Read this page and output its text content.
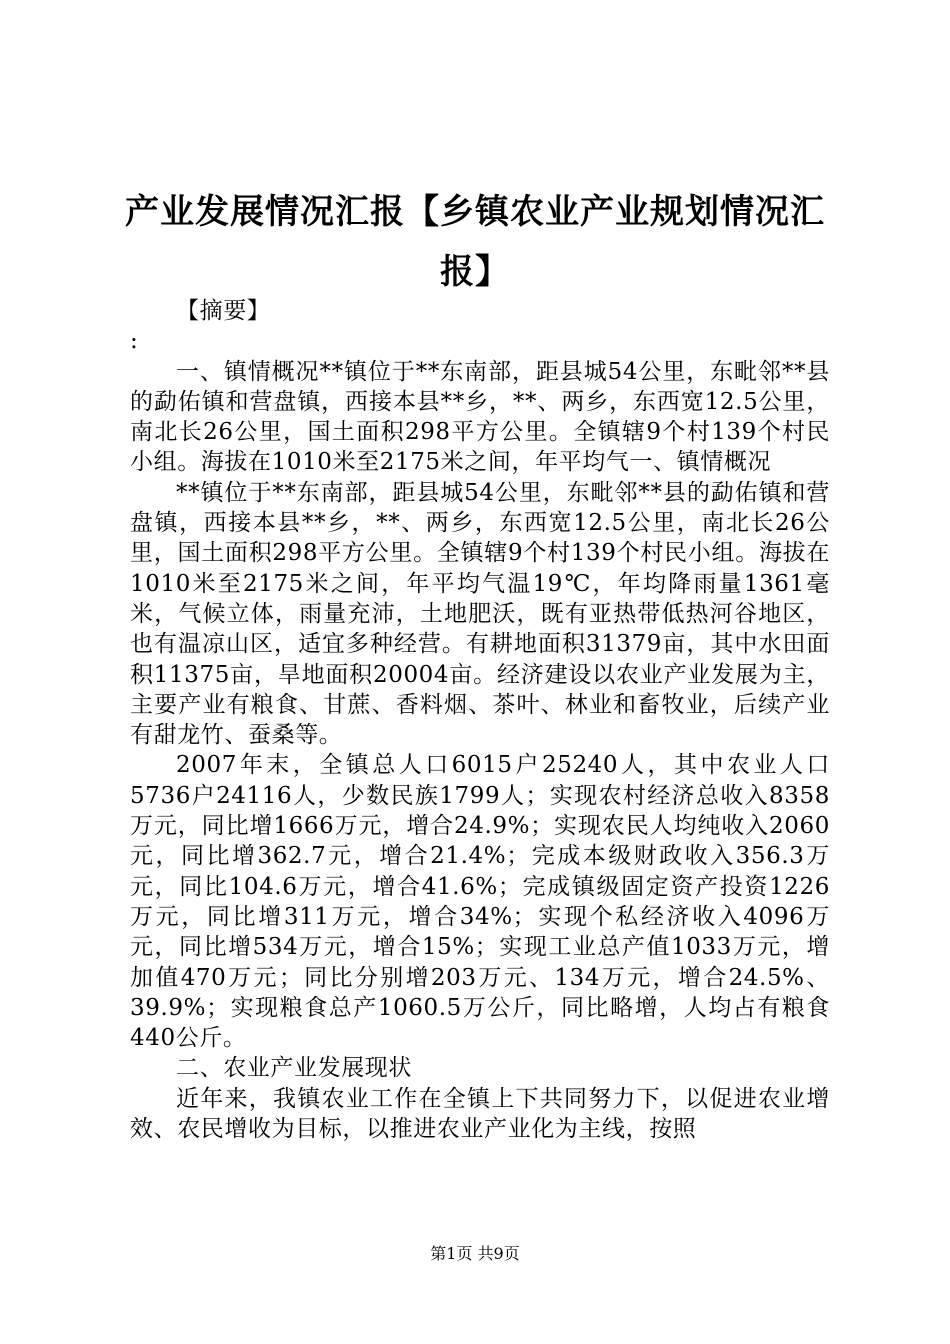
产业发展情况汇报【乡镇农业产业规划情况汇报】

【摘要】

:

一、镇情概况**镇位于**东南部，距县城54公里，东毗邻**县的勐佑镇和营盘镇，西接本县**乡，**、两乡，东西宽12.5公里，南北长26公里，国土面积298平方公里。全镇辖9个村139个村民小组。海拔在1010米至2175米之间，年平均气一、镇情概况

**镇位于**东南部，距县城54公里，东毗邻**县的勐佑镇和营盘镇，西接本县**乡，**、两乡，东西宽12.5公里，南北长26公里，国土面积298平方公里。全镇辖9个村139个村民小组。海拔在1010米至2175米之间，年平均气温19℃，年均降雨量1361毫米，气候立体，雨量充沛，土地肥沃，既有亚热带低热河谷地区，也有温凉山区，适宜多种经营。有耕地面积31379亩，其中水田面积11375亩，旱地面积20004亩。经济建设以农业产业发展为主，主要产业有粮食、甘蔗、香料烟、茶叶、林业和畜牧业，后续产业有甜龙竹、蚕桑等。

2007年末，全镇总人口6015户25240人，其中农业人口5736户24116人，少数民族1799人；实现农村经济总收入8358万元，同比增1666万元，增合24.9%；实现农民人均纯收入2060元，同比增362.7元，增合21.4%；完成本级财政收入356.3万元，同比104.6万元，增合41.6%；完成镇级固定资产投资1226万元，同比增311万元，增合34%；实现个私经济收入4096万元，同比增534万元，增合15%；实现工业总产值1033万元，增加值470万元；同比分别增203万元、134万元，增合24.5%、39.9%；实现粮食总产1060.5万公斤，同比略增，人均占有粮食440公斤。

二、农业产业发展现状

近年来，我镇农业工作在全镇上下共同努力下，以促进农业增效、农民增收为目标，以推进农业产业化为主线，按照

第1页 共9页
